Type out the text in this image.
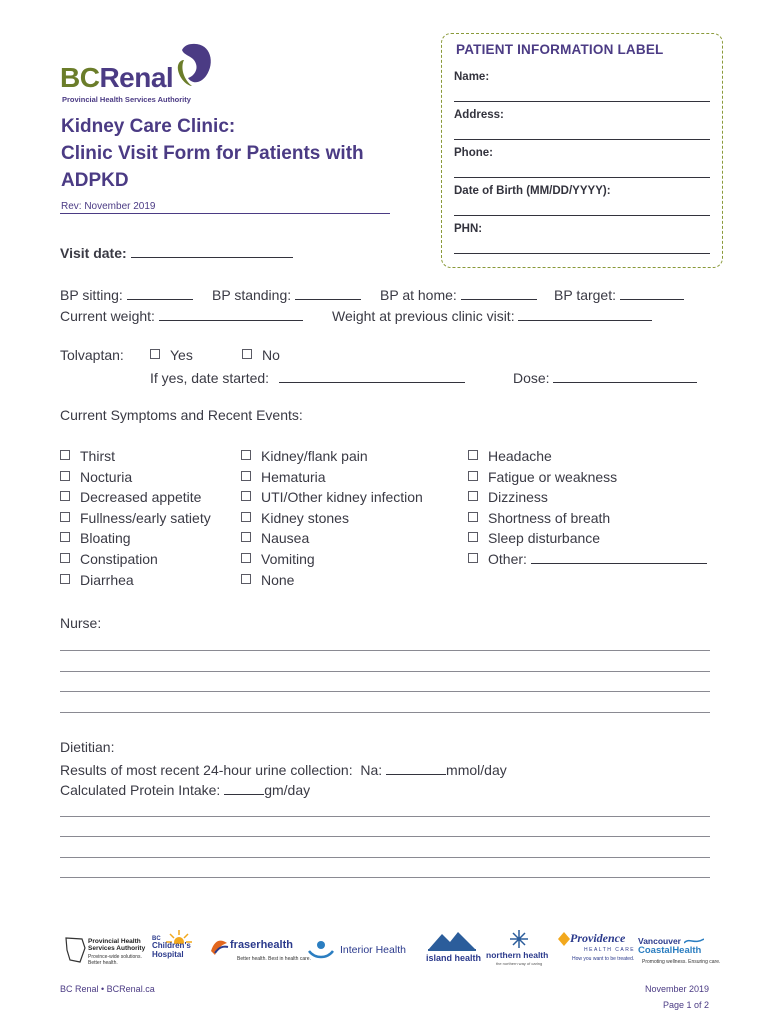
BCRenal
Provincial Health Services Authority
Kidney Care Clinic:
Clinic Visit Form for Patients with
ADPKD
Rev: November 2019
PATIENT INFORMATION LABEL
Name:
Address:
Phone:
Date of Birth (MM/DD/YYYY):
PHN:
Visit date:
BP sitting:	BP standing:	BP at home:	BP target:
Current weight:	Weight at previous clinic visit:
Tolvaptan:	Yes	No
If yes, date started:	Dose:
Current Symptoms and Recent Events:
Thirst
Nocturia
Decreased appetite
Fullness/early satiety
Bloating
Constipation
Diarrhea
Kidney/flank pain
Hematuria
UTI/Other kidney infection
Kidney stones
Nausea
Vomiting
None
Headache
Fatigue or weakness
Dizziness
Shortness of breath
Sleep disturbance
Other:
Nurse:
Dietitian:
Results of most recent 24-hour urine collection:  Na:	mmol/day
Calculated Protein Intake:	gm/day
Provincial Health Services Authority
Province-wide solutions. Better health.
BC
Children's Hospital
fraserhealth
Better health. Best in health care.
Interior Health
island health northern health
the northern way of caring
Providence
HEALTH CARE
How you want to be treated.
Vancouver
CoastalHealth
Promoting wellness. Ensuring care.
BC Renal • BCRenal.ca	November 2019
Page 1 of 2
